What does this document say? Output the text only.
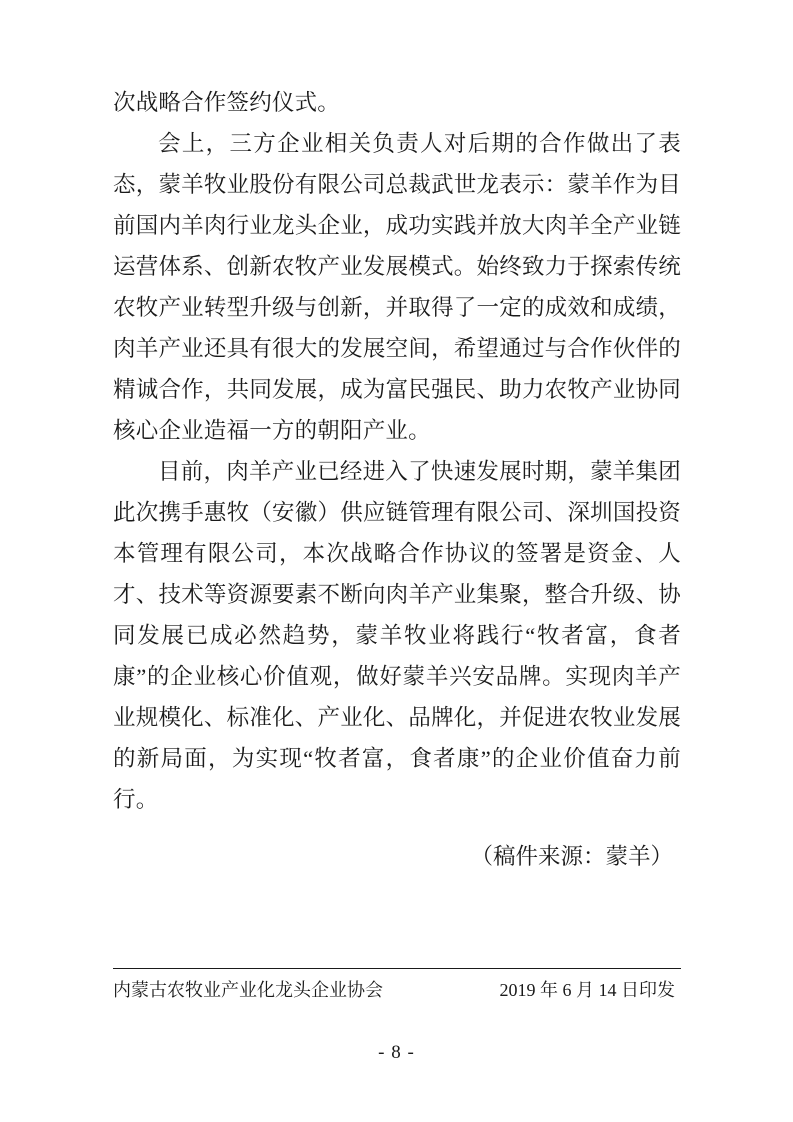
次战略合作签约仪式。

会上，三方企业相关负责人对后期的合作做出了表态，蒙羊牧业股份有限公司总裁武世龙表示：蒙羊作为目前国内羊肉行业龙头企业，成功实践并放大肉羊全产业链运营体系、创新农牧产业发展模式。始终致力于探索传统农牧产业转型升级与创新，并取得了一定的成效和成绩，肉羊产业还具有很大的发展空间，希望通过与合作伙伴的精诚合作，共同发展，成为富民强民、助力农牧产业协同核心企业造福一方的朝阳产业。

目前，肉羊产业已经进入了快速发展时期，蒙羊集团此次携手惠牧（安徽）供应链管理有限公司、深圳国投资本管理有限公司，本次战略合作协议的签署是资金、人才、技术等资源要素不断向肉羊产业集聚，整合升级、协同发展已成必然趋势，蒙羊牧业将践行“牧者富，食者康”的企业核心价值观，做好蒙羊兴安品牌。实现肉羊产业规模化、标准化、产业化、品牌化，并促进农牧业发展的新局面，为实现“牧者富，食者康”的企业价值奋力前行。

（稿件来源：蒙羊）
内蒙古农牧业产业化龙头企业协会	2019 年 6 月 14 日印发
- 8 -
